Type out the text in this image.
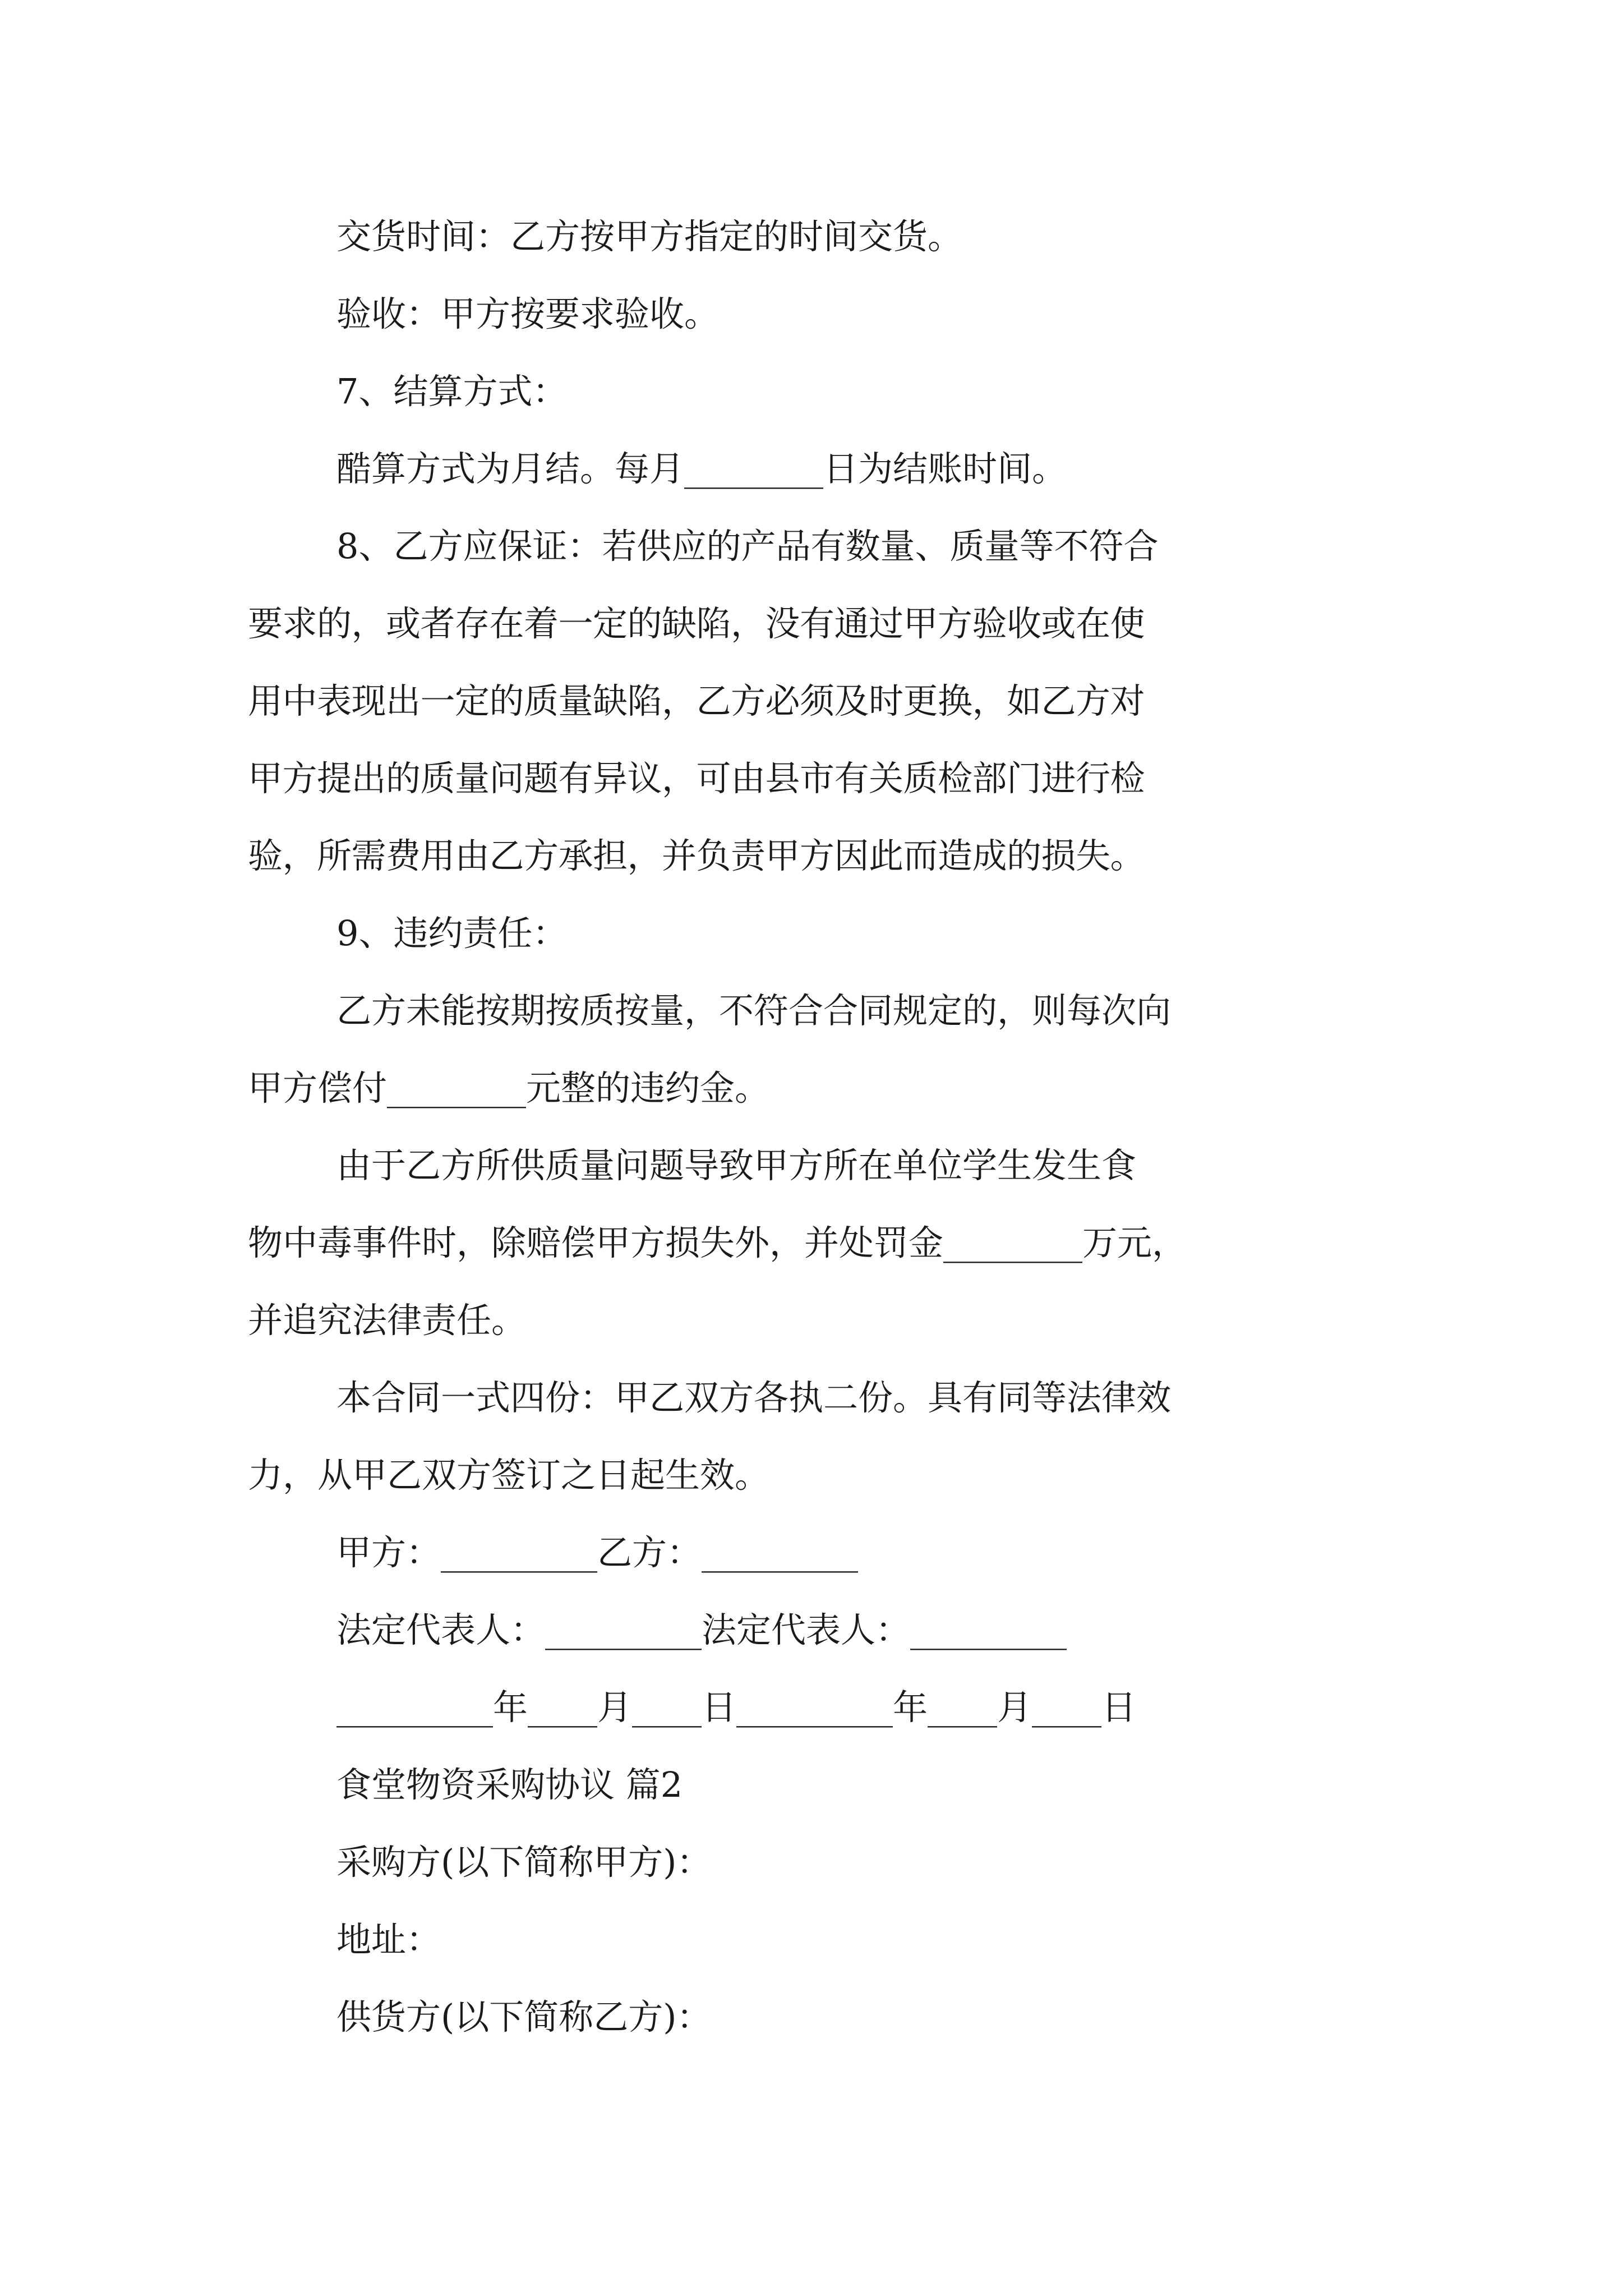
交货时间：乙方按甲方指定的时间交货。

验收：甲方按要求验收。

7、结算方式：

酷算方式为月结。每月________日为结账时间。

8、乙方应保证：若供应的产品有数量、质量等不符合

要求的，或者存在着一定的缺陷，没有通过甲方验收或在使

用中表现出一定的质量缺陷，乙方必须及时更换，如乙方对

甲方提出的质量问题有异议，可由县市有关质检部门进行检

验，所需费用由乙方承担，并负责甲方因此而造成的损失。

9、违约责任：

乙方未能按期按质按量，不符合合同规定的，则每次向

甲方偿付________元整的违约金。

由于乙方所供质量问题导致甲方所在单位学生发生食

物中毒事件时，除赔偿甲方损失外，并处罚金________万元，

并追究法律责任。

本合同一式四份：甲乙双方各执二份。具有同等法律效

力，从甲乙双方签订之日起生效。

甲方：_________乙方：_________

法定代表人：_________法定代表人：_________

_________年____月____日_________年____月____日

食堂物资采购协议 篇2

采购方(以下简称甲方)：

地址：

供货方(以下简称乙方)：
